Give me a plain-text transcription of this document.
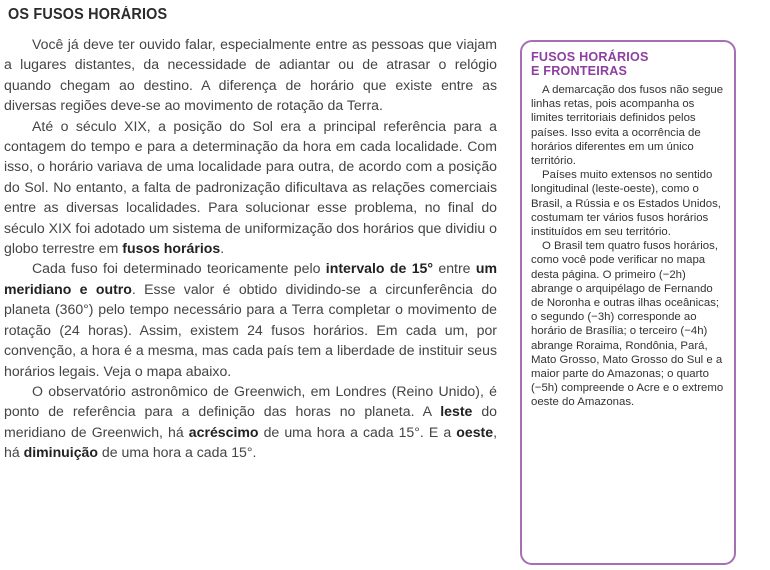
OS FUSOS HORÁRIOS

Você já deve ter ouvido falar, especialmente entre as pessoas que viajam a lugares distantes, da necessidade de adiantar ou de atrasar o relógio quando chegam ao destino. A diferença de horário que existe entre as diversas regiões deve-se ao movimento de rotação da Terra.

Até o século XIX, a posição do Sol era a principal referência para a contagem do tempo e para a determinação da hora em cada localidade. Com isso, o horário variava de uma localidade para outra, de acordo com a posição do Sol. No entanto, a falta de padronização dificultava as relações comerciais entre as diversas localidades. Para solucionar esse problema, no final do século XIX foi adotado um sistema de uniformização dos horários que dividiu o globo terrestre em fusos horários.

Cada fuso foi determinado teoricamente pelo intervalo de 15° entre um meridiano e outro. Esse valor é obtido dividindo-se a circunferência do planeta (360°) pelo tempo necessário para a Terra completar o movimento de rotação (24 horas). Assim, existem 24 fusos horários. Em cada um, por convenção, a hora é a mesma, mas cada país tem a liberdade de instituir seus horários legais. Veja o mapa abaixo.

O observatório astronômico de Greenwich, em Londres (Reino Unido), é ponto de referência para a definição das horas no planeta. A leste do meridiano de Greenwich, há acréscimo de uma hora a cada 15°. E a oeste, há diminuição de uma hora a cada 15°.

FUSOS HORÁRIOS
E FRONTEIRAS

A demarcação dos fusos não segue linhas retas, pois acompanha os limites territoriais definidos pelos países. Isso evita a ocorrência de horários diferentes em um único território.

Países muito extensos no sentido longitudinal (leste-oeste), como o Brasil, a Rússia e os Estados Unidos, costumam ter vários fusos horários instituídos em seu território.

O Brasil tem quatro fusos horários, como você pode verificar no mapa desta página. O primeiro (−2h) abrange o arquipélago de Fernando de Noronha e outras ilhas oceânicas; o segundo (−3h) corresponde ao horário de Brasília; o terceiro (−4h) abrange Roraima, Rondônia, Pará, Mato Grosso, Mato Grosso do Sul e a maior parte do Amazonas; o quarto (−5h) compreende o Acre e o extremo oeste do Amazonas.
